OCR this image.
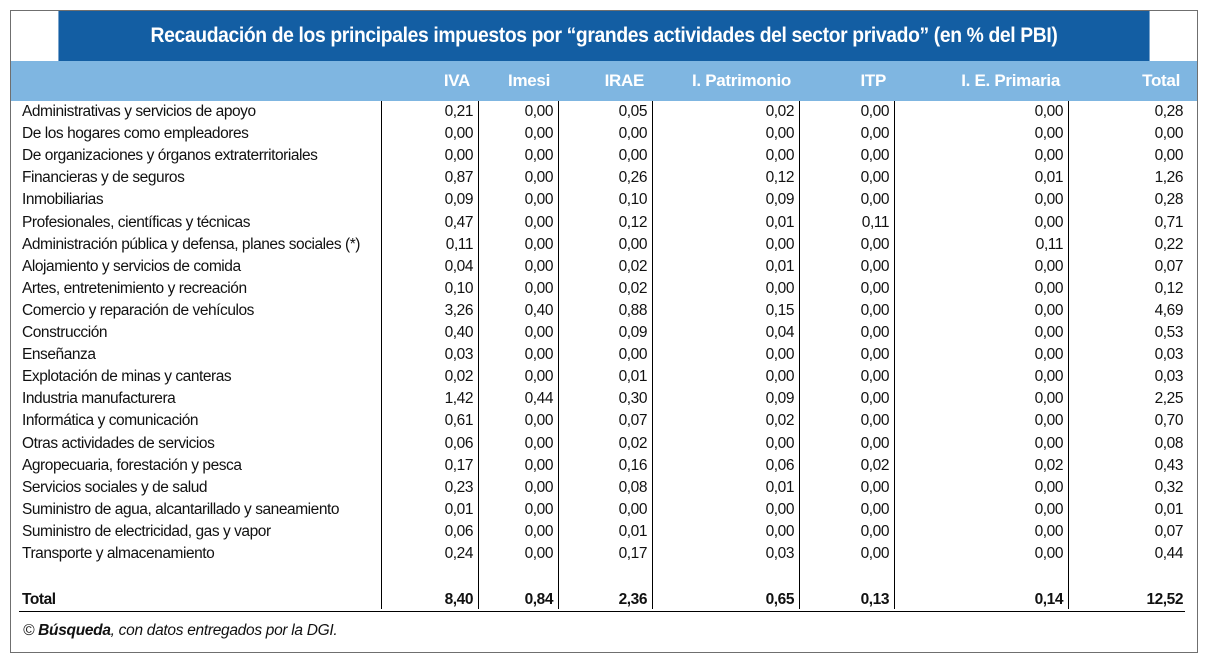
Recaudación de los principales impuestos por “grandes actividades del sector privado” (en % del PBI)
IVA	Imesi	IRAE	I. Patrimonio	ITP	I. E. Primaria	Total
Administrativas y servicios de apoyo	0,21	0,00	0,05	0,02	0,00	0,00	0,28
De los hogares como empleadores	0,00	0,00	0,00	0,00	0,00	0,00	0,00
De organizaciones y órganos extraterritoriales	0,00	0,00	0,00	0,00	0,00	0,00	0,00
Financieras y de seguros	0,87	0,00	0,26	0,12	0,00	0,01	1,26
Inmobiliarias	0,09	0,00	0,10	0,09	0,00	0,00	0,28
Profesionales, científicas y técnicas	0,47	0,00	0,12	0,01	0,11	0,00	0,71
Administración pública y defensa, planes sociales (*)	0,11	0,00	0,00	0,00	0,00	0,11	0,22
Alojamiento y servicios de comida	0,04	0,00	0,02	0,01	0,00	0,00	0,07
Artes, entretenimiento y recreación	0,10	0,00	0,02	0,00	0,00	0,00	0,12
Comercio y reparación de vehículos	3,26	0,40	0,88	0,15	0,00	0,00	4,69
Construcción	0,40	0,00	0,09	0,04	0,00	0,00	0,53
Enseñanza	0,03	0,00	0,00	0,00	0,00	0,00	0,03
Explotación de minas y canteras	0,02	0,00	0,01	0,00	0,00	0,00	0,03
Industria manufacturera	1,42	0,44	0,30	0,09	0,00	0,00	2,25
Informática y comunicación	0,61	0,00	0,07	0,02	0,00	0,00	0,70
Otras actividades de servicios	0,06	0,00	0,02	0,00	0,00	0,00	0,08
Agropecuaria, forestación y pesca	0,17	0,00	0,16	0,06	0,02	0,02	0,43
Servicios sociales y de salud	0,23	0,00	0,08	0,01	0,00	0,00	0,32
Suministro de agua, alcantarillado y saneamiento	0,01	0,00	0,00	0,00	0,00	0,00	0,01
Suministro de electricidad, gas y vapor	0,06	0,00	0,01	0,00	0,00	0,00	0,07
Transporte y almacenamiento	0,24	0,00	0,17	0,03	0,00	0,00	0,44
Total	8,40	0,84	2,36	0,65	0,13	0,14	12,52
© Búsqueda, con datos entregados por la DGI.
